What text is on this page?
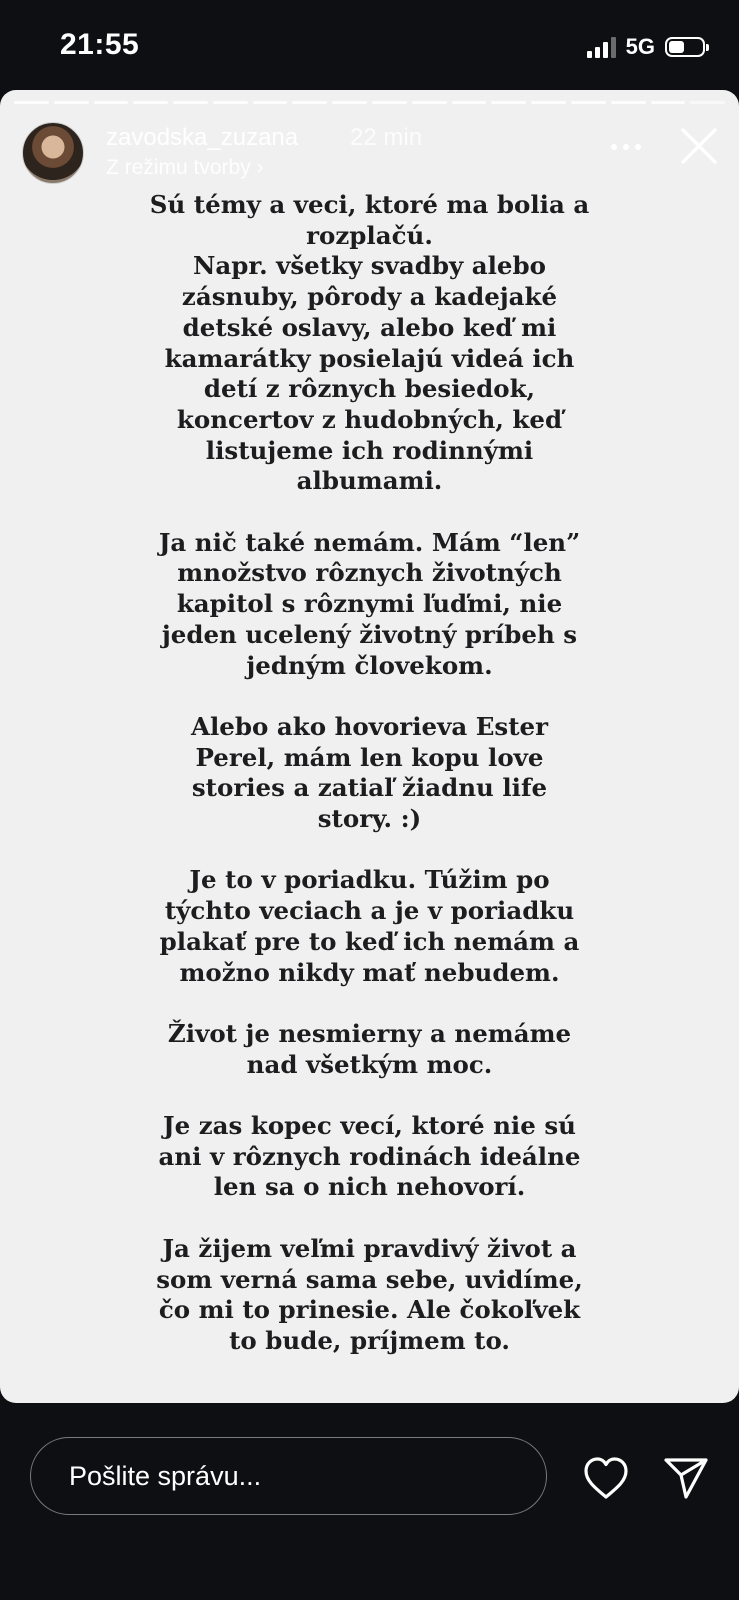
21:55	5G
zavodska_zuzana 22 min
Z režimu tvorby ›

Sú témy a veci, ktoré ma bolia a
rozplačú.
Napr. všetky svadby alebo
zásnuby, pôrody a kadejaké
detské oslavy, alebo keď mi
kamarátky posielajú videá ich
detí z rôznych besiedok,
koncertov z hudobných, keď
listujeme ich rodinnými
albumami.

Ja nič také nemám. Mám “len”
množstvo rôznych životných
kapitol s rôznymi ľuďmi, nie
jeden ucelený životný príbeh s
jedným človekom.

Alebo ako hovorieva Ester
Perel, mám len kopu love
stories a zatiaľ žiadnu life
story. :)

Je to v poriadku. Túžim po
týchto veciach a je v poriadku
plakať pre to keď ich nemám a
možno nikdy mať nebudem.

Život je nesmierny a nemáme
nad všetkým moc.

Je zas kopec vecí, ktoré nie sú
ani v rôznych rodinách ideálne
len sa o nich nehovorí.

Ja žijem veľmi pravdivý život a
som verná sama sebe, uvidíme,
čo mi to prinesie. Ale čokoľvek
to bude, príjmem to.

Pošlite správu...
